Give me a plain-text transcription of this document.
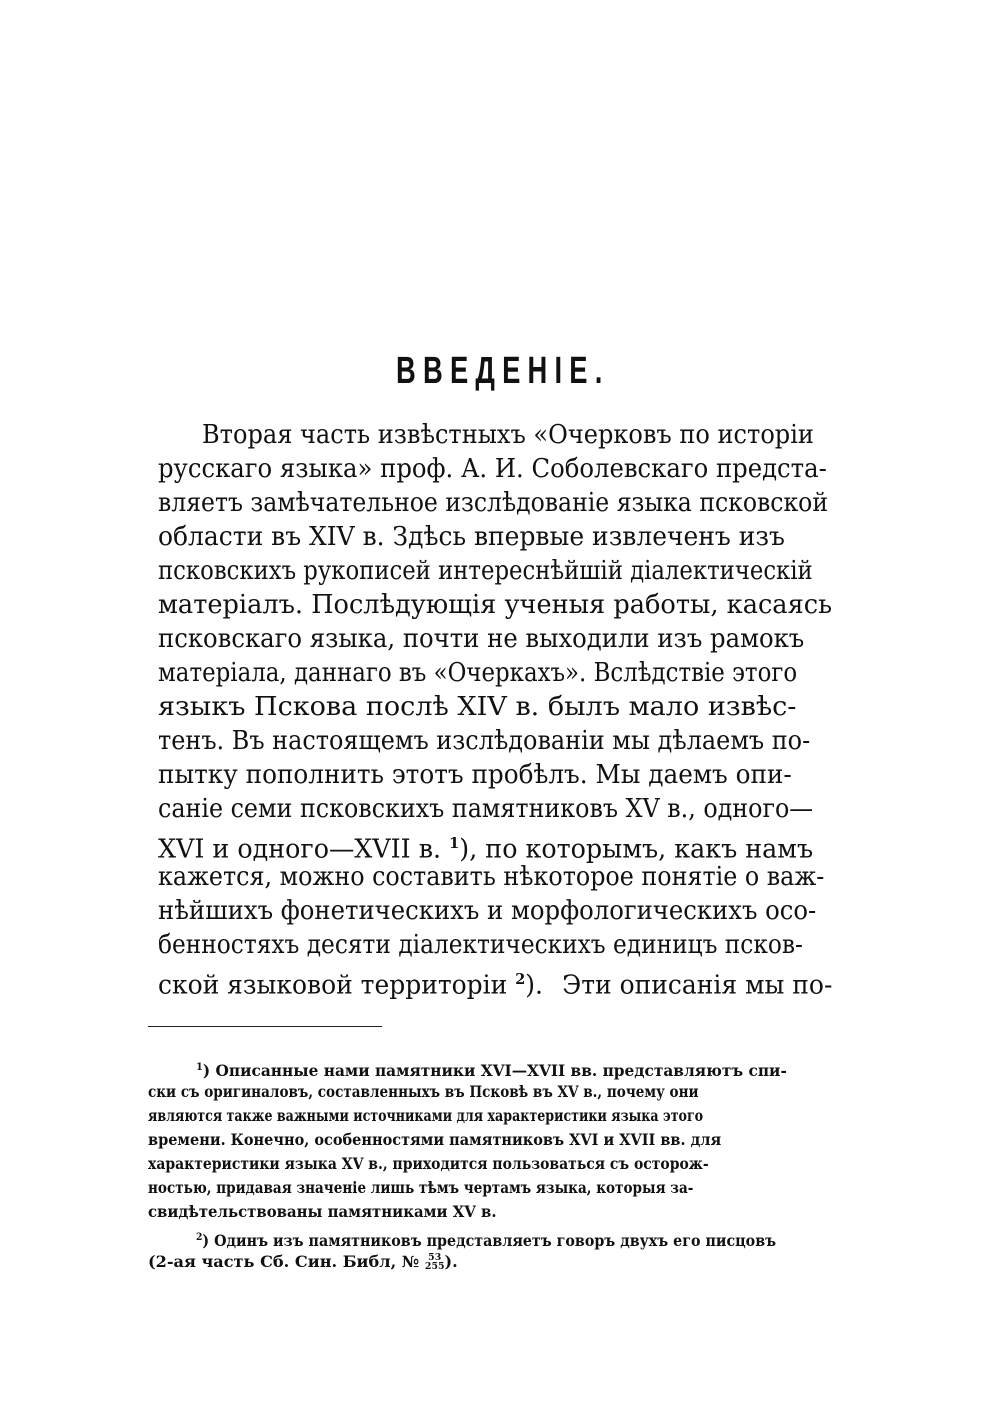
ВВЕДЕНІЕ.
Вторая часть извѣстныхъ «Очерковъ по исторіи
русскаго языка» проф. А. И. Соболевскаго предста-
вляетъ замѣчательное изслѣдованіе языка псковской
области въ XIV в. Здѣсь впервые извлеченъ изъ
псковскихъ рукописей интереснѣйшій діалектическій
матеріалъ. Послѣдующія ученыя работы, касаясь
псковскаго языка, почти не выходили изъ рамокъ
матеріала, даннаго въ «Очеркахъ». Вслѣдствіе этого
языкъ Пскова послѣ XIV в. былъ мало извѣс-
тенъ. Въ настоящемъ изслѣдованіи мы дѣлаемъ по-
пытку пополнить этотъ пробѣлъ. Мы даемъ опи-
саніе семи псковскихъ памятниковъ XV в., одного—
XVI и одного—XVII в. $^1$), по которымъ, какъ намъ
кажется, можно составить нѣкоторое понятіе о важ-
нѣйшихъ фонетическихъ и морфологическихъ осо-
бенностяхъ десяти діалектическихъ единицъ псков-
ской языковой территоріи $^2$). Эти описанія мы по-
$^1$) Описанные нами памятники XVI—XVII вв. представляютъ спи-
ски съ оригиналовъ, составленныхъ въ Псковѣ въ XV в., почему они
являются также важными источниками для характеристики языка этого
времени. Конечно, особенностями памятниковъ XVI и XVII вв. для
характеристики языка XV в., приходится пользоваться съ осторож-
ностью, придавая значеніе лишь тѣмъ чертамъ языка, которыя за-
свидѣтельствованы памятниками XV в.
$^2$) Одинъ изъ памятниковъ представляетъ говоръ двухъ его писцовъ
(2-ая часть Сб. Син. Библ, № 53
255 ).
